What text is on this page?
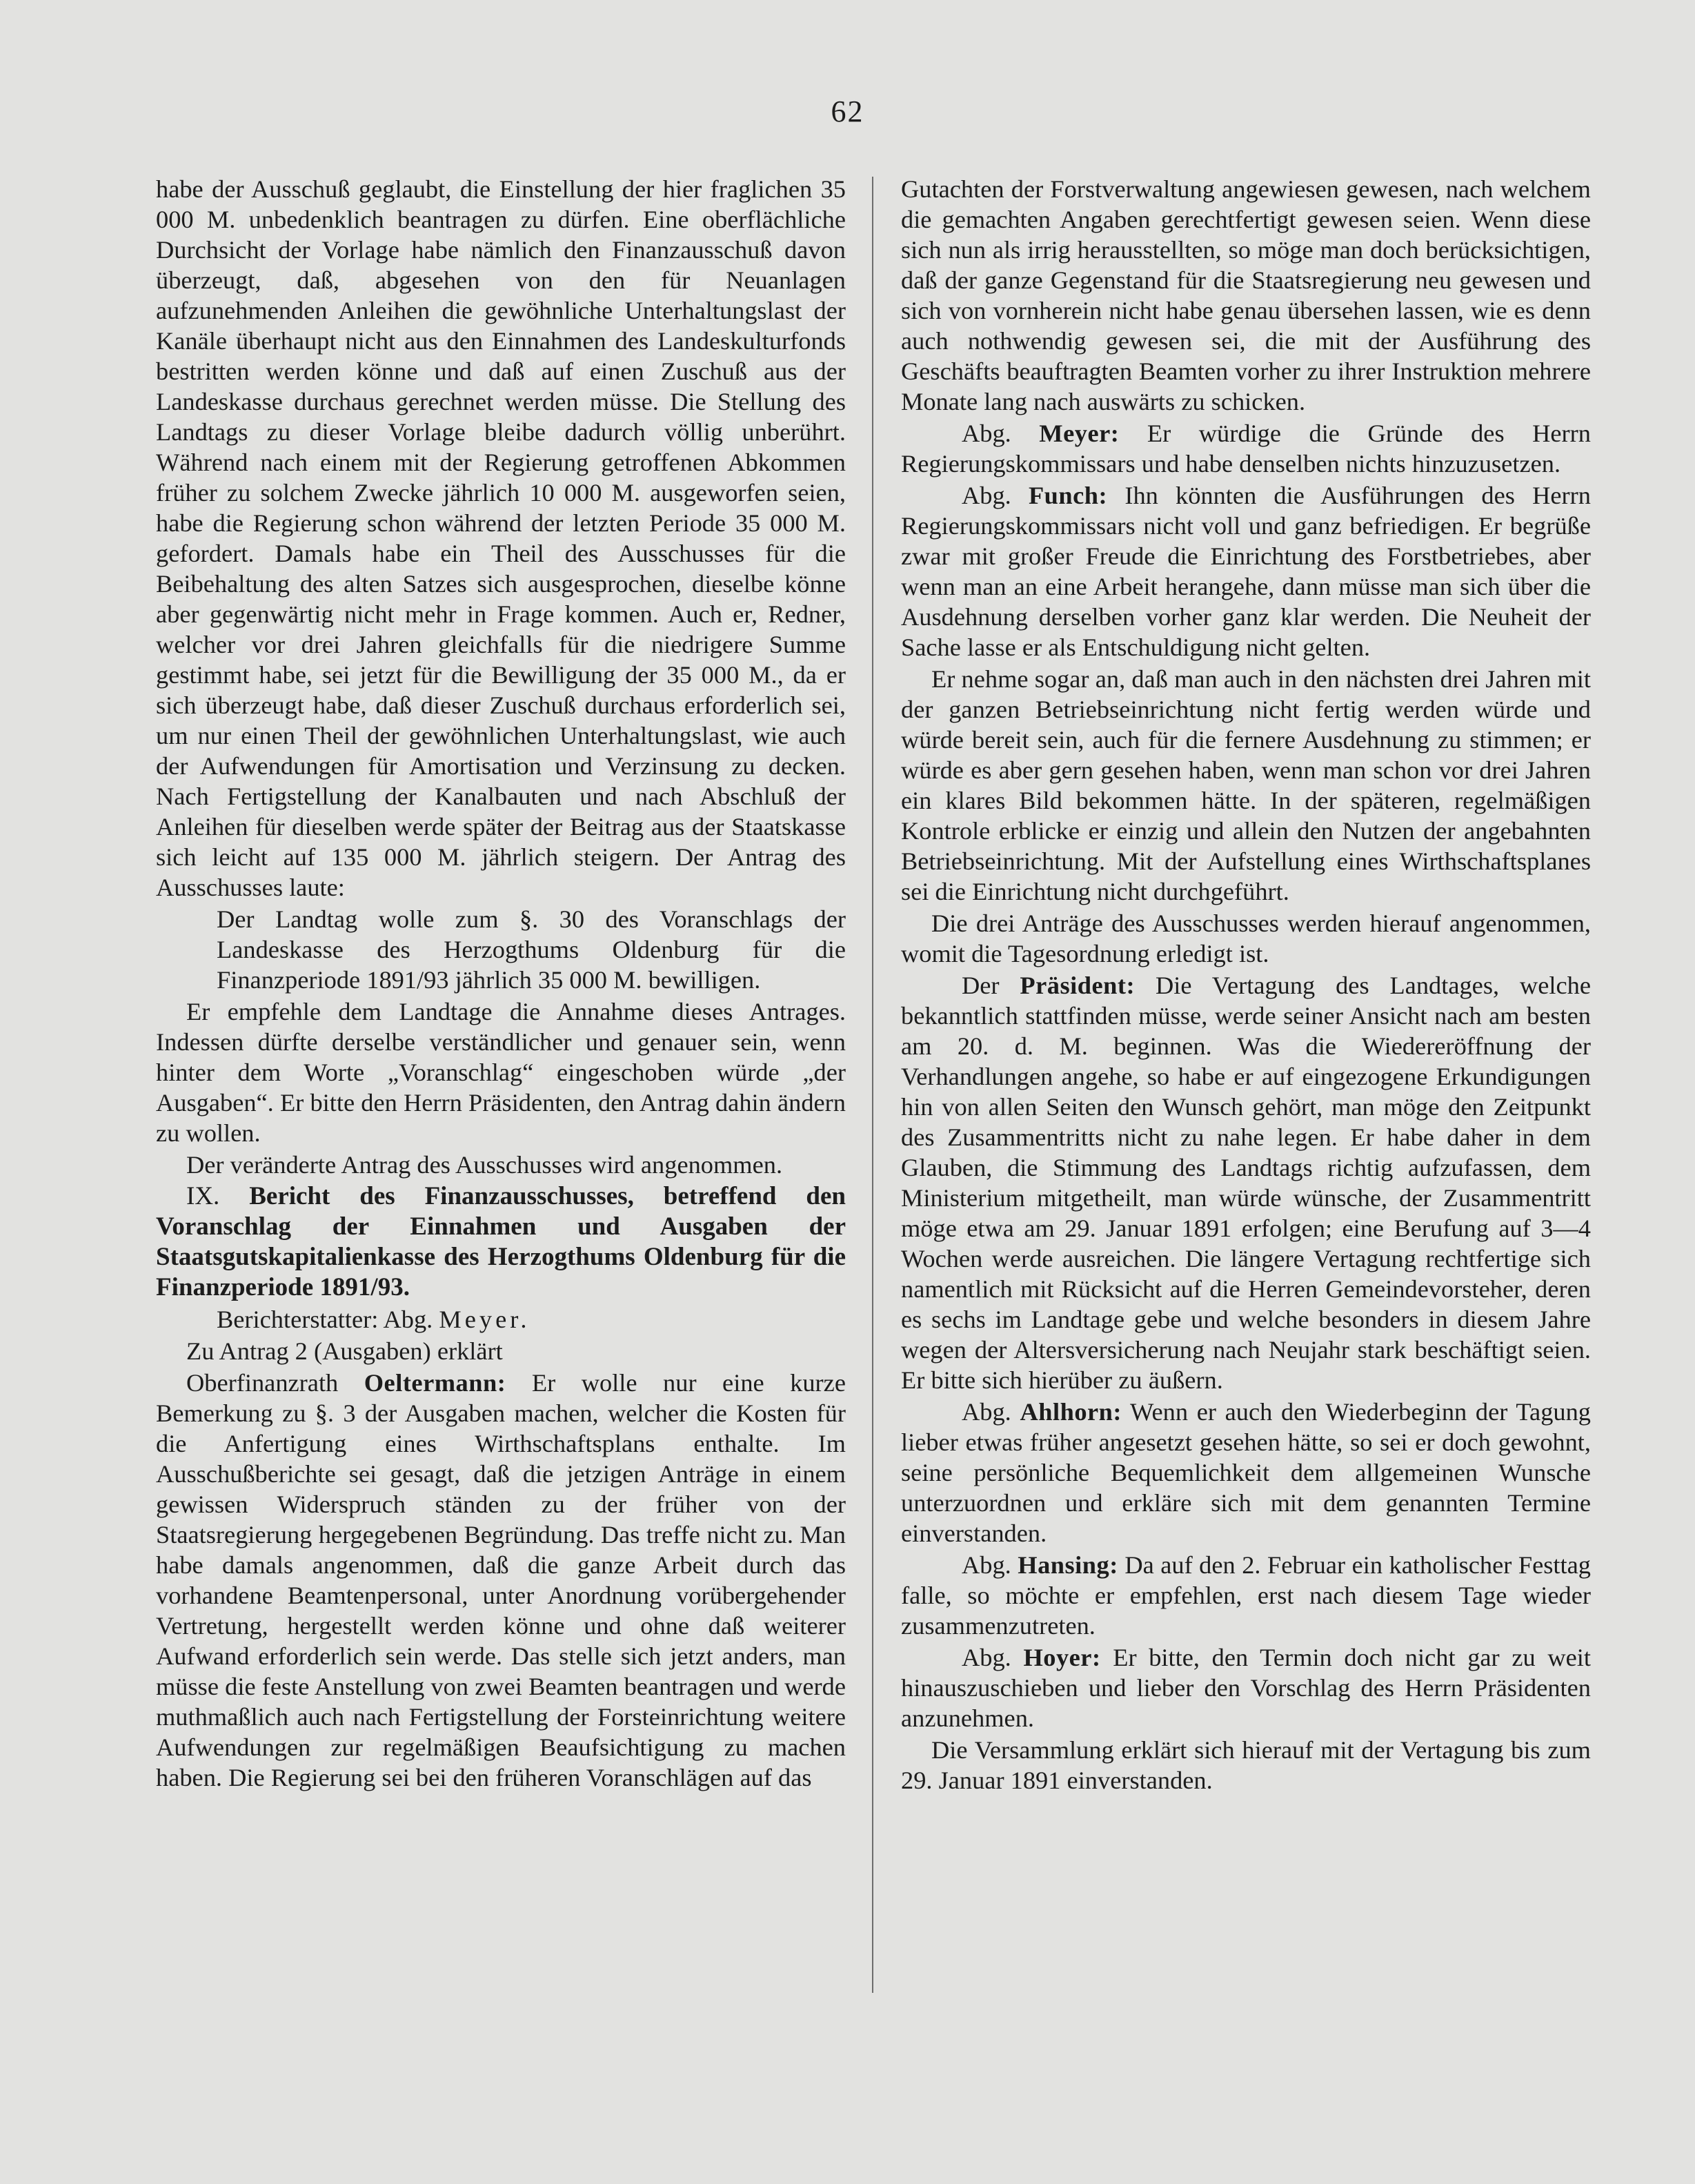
62

habe der Ausschuß geglaubt, die Einstellung der hier fraglichen 35 000 M. unbedenklich beantragen zu dürfen. Eine oberflächliche Durchsicht der Vorlage habe nämlich den Finanzausschuß davon überzeugt, daß, abgesehen von den für Neuanlagen aufzunehmenden Anleihen die gewöhnliche Unterhaltungslast der Kanäle überhaupt nicht aus den Einnahmen des Landeskulturfonds bestritten werden könne und daß auf einen Zuschuß aus der Landeskasse durchaus gerechnet werden müsse. Die Stellung des Landtags zu dieser Vorlage bleibe dadurch völlig unberührt. Während nach einem mit der Regierung getroffenen Abkommen früher zu solchem Zwecke jährlich 10 000 M. ausgeworfen seien, habe die Regierung schon während der letzten Periode 35 000 M. gefordert. Damals habe ein Theil des Ausschusses für die Beibehaltung des alten Satzes sich ausgesprochen, dieselbe könne aber gegenwärtig nicht mehr in Frage kommen. Auch er, Redner, welcher vor drei Jahren gleichfalls für die niedrigere Summe gestimmt habe, sei jetzt für die Bewilligung der 35 000 M., da er sich überzeugt habe, daß dieser Zuschuß durchaus erforderlich sei, um nur einen Theil der gewöhnlichen Unterhaltungslast, wie auch der Aufwendungen für Amortisation und Verzinsung zu decken. Nach Fertigstellung der Kanalbauten und nach Abschluß der Anleihen für dieselben werde später der Beitrag aus der Staatskasse sich leicht auf 135 000 M. jährlich steigern. Der Antrag des Ausschusses laute:

Der Landtag wolle zum §. 30 des Voranschlags der Landeskasse des Herzogthums Oldenburg für die Finanzperiode 1891/93 jährlich 35 000 M. bewilligen.

Er empfehle dem Landtage die Annahme dieses Antrages. Indessen dürfte derselbe verständlicher und genauer sein, wenn hinter dem Worte „Voranschlag“ eingeschoben würde „der Ausgaben“. Er bitte den Herrn Präsidenten, den Antrag dahin ändern zu wollen.

Der veränderte Antrag des Ausschusses wird angenommen.

IX. Bericht des Finanzausschusses, betreffend den Voranschlag der Einnahmen und Ausgaben der Staatsgutskapitalienkasse des Herzogthums Oldenburg für die Finanzperiode 1891/93.

Berichterstatter: Abg. Meyer.

Zu Antrag 2 (Ausgaben) erklärt

Oberfinanzrath Oeltermann: Er wolle nur eine kurze Bemerkung zu §. 3 der Ausgaben machen, welcher die Kosten für die Anfertigung eines Wirthschaftsplans enthalte. Im Ausschußberichte sei gesagt, daß die jetzigen Anträge in einem gewissen Widerspruch ständen zu der früher von der Staatsregierung hergegebenen Begründung. Das treffe nicht zu. Man habe damals angenommen, daß die ganze Arbeit durch das vorhandene Beamtenpersonal, unter Anordnung vorübergehender Vertretung, hergestellt werden könne und ohne daß weiterer Aufwand erforderlich sein werde. Das stelle sich jetzt anders, man müsse die feste Anstellung von zwei Beamten beantragen und werde muthmaßlich auch nach Fertigstellung der Forsteinrichtung weitere Aufwendungen zur regelmäßigen Beaufsichtigung zu machen haben. Die Regierung sei bei den früheren Voranschlägen auf das

Gutachten der Forstverwaltung angewiesen gewesen, nach welchem die gemachten Angaben gerechtfertigt gewesen seien. Wenn diese sich nun als irrig herausstellten, so möge man doch berücksichtigen, daß der ganze Gegenstand für die Staatsregierung neu gewesen und sich von vornherein nicht habe genau übersehen lassen, wie es denn auch nothwendig gewesen sei, die mit der Ausführung des Geschäfts beauftragten Beamten vorher zu ihrer Instruktion mehrere Monate lang nach auswärts zu schicken.

Abg. Meyer: Er würdige die Gründe des Herrn Regierungskommissars und habe denselben nichts hinzuzusetzen.

Abg. Funch: Ihn könnten die Ausführungen des Herrn Regierungskommissars nicht voll und ganz befriedigen. Er begrüße zwar mit großer Freude die Einrichtung des Forstbetriebes, aber wenn man an eine Arbeit herangehe, dann müsse man sich über die Ausdehnung derselben vorher ganz klar werden. Die Neuheit der Sache lasse er als Entschuldigung nicht gelten.

Er nehme sogar an, daß man auch in den nächsten drei Jahren mit der ganzen Betriebseinrichtung nicht fertig werden würde und würde bereit sein, auch für die fernere Ausdehnung zu stimmen; er würde es aber gern gesehen haben, wenn man schon vor drei Jahren ein klares Bild bekommen hätte. In der späteren, regelmäßigen Kontrole erblicke er einzig und allein den Nutzen der angebahnten Betriebseinrichtung. Mit der Aufstellung eines Wirthschaftsplanes sei die Einrichtung nicht durchgeführt.

Die drei Anträge des Ausschusses werden hierauf angenommen, womit die Tagesordnung erledigt ist.

Der Präsident: Die Vertagung des Landtages, welche bekanntlich stattfinden müsse, werde seiner Ansicht nach am besten am 20. d. M. beginnen. Was die Wiedereröffnung der Verhandlungen angehe, so habe er auf eingezogene Erkundigungen hin von allen Seiten den Wunsch gehört, man möge den Zeitpunkt des Zusammentritts nicht zu nahe legen. Er habe daher in dem Glauben, die Stimmung des Landtags richtig aufzufassen, dem Ministerium mitgetheilt, man würde wünsche, der Zusammentritt möge etwa am 29. Januar 1891 erfolgen; eine Berufung auf 3—4 Wochen werde ausreichen. Die längere Vertagung rechtfertige sich namentlich mit Rücksicht auf die Herren Gemeindevorsteher, deren es sechs im Landtage gebe und welche besonders in diesem Jahre wegen der Altersversicherung nach Neujahr stark beschäftigt seien. Er bitte sich hierüber zu äußern.

Abg. Ahlhorn: Wenn er auch den Wiederbeginn der Tagung lieber etwas früher angesetzt gesehen hätte, so sei er doch gewohnt, seine persönliche Bequemlichkeit dem allgemeinen Wunsche unterzuordnen und erkläre sich mit dem genannten Termine einverstanden.

Abg. Hansing: Da auf den 2. Februar ein katholischer Festtag falle, so möchte er empfehlen, erst nach diesem Tage wieder zusammenzutreten.

Abg. Hoyer: Er bitte, den Termin doch nicht gar zu weit hinauszuschieben und lieber den Vorschlag des Herrn Präsidenten anzunehmen.

Die Versammlung erklärt sich hierauf mit der Vertagung bis zum 29. Januar 1891 einverstanden.
